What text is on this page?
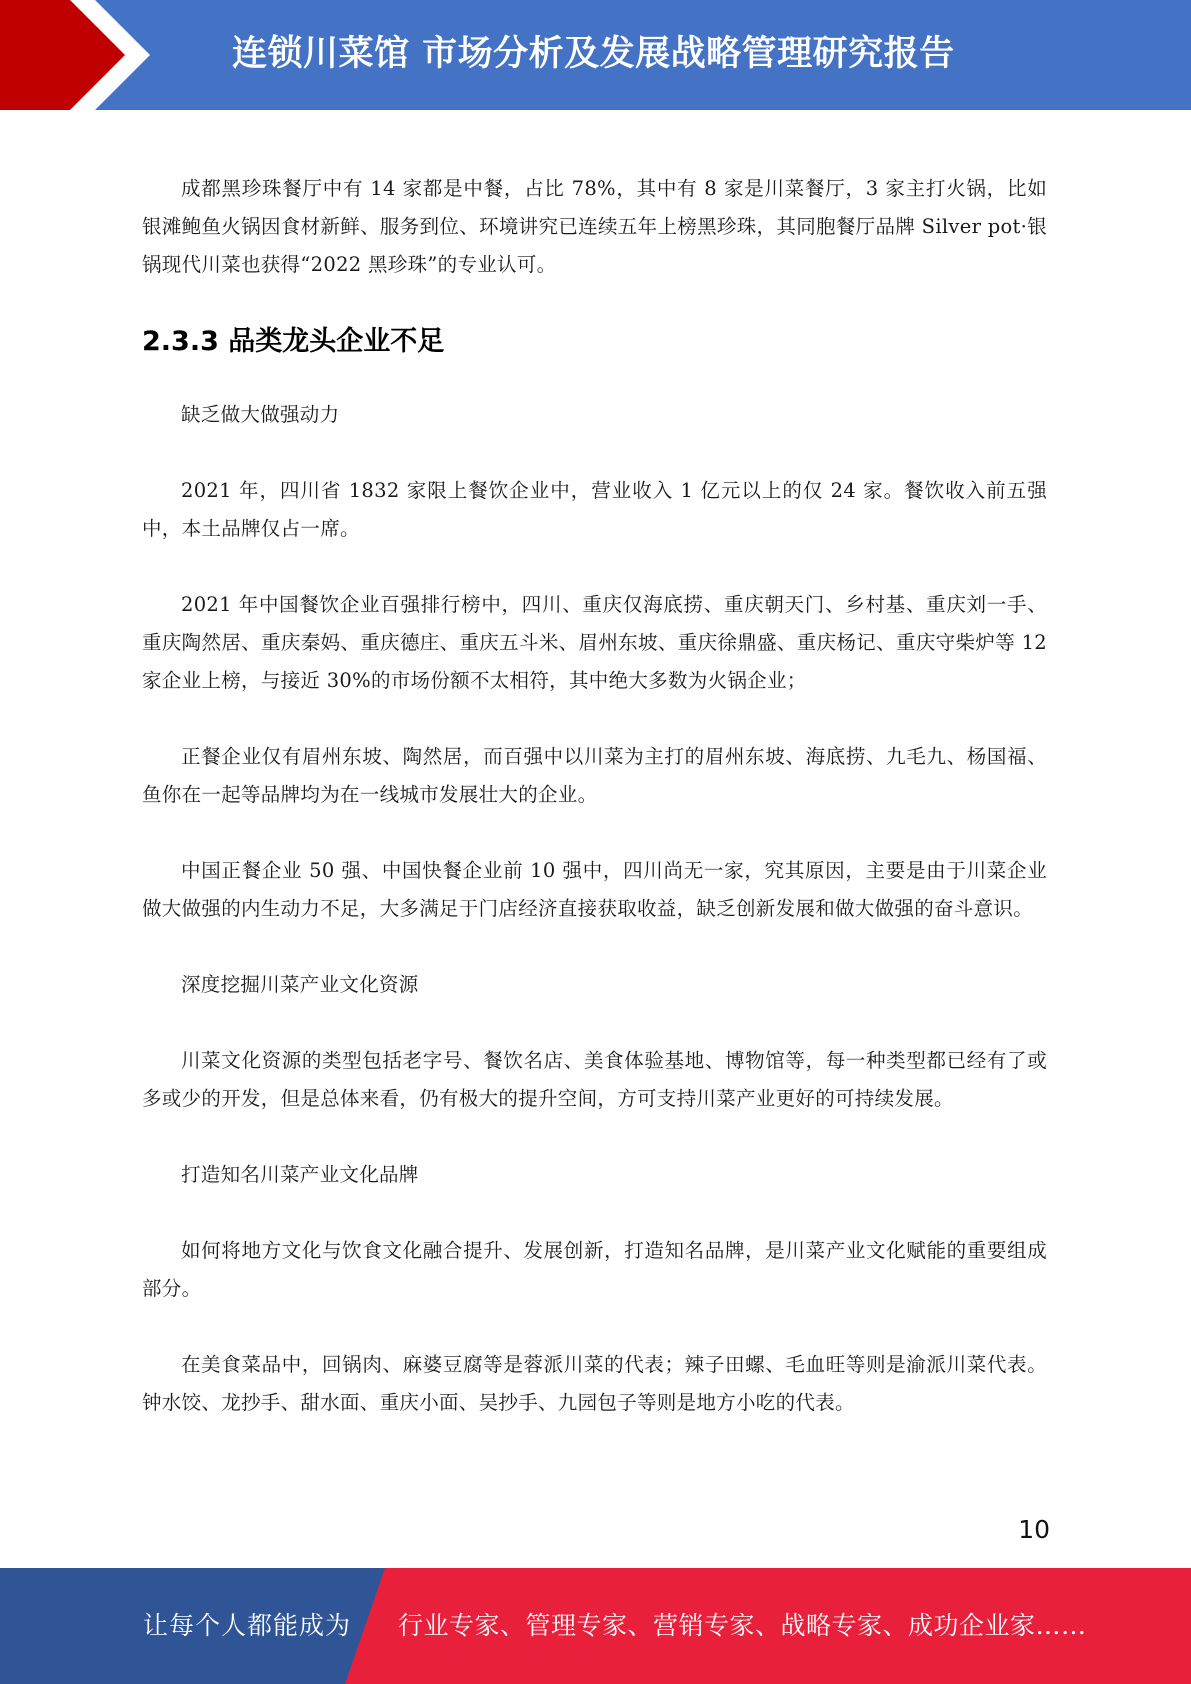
连锁川菜馆 市场分析及发展战略管理研究报告

成都黑珍珠餐厅中有 14 家都是中餐，占比 78%，其中有 8 家是川菜餐厅，3 家主打火锅，比如银滩鲍鱼火锅因食材新鲜、服务到位、环境讲究已连续五年上榜黑珍珠，其同胞餐厅品牌 Silver pot·银锅现代川菜也获得“2022 黑珍珠”的专业认可。

2.3.3 品类龙头企业不足

缺乏做大做强动力

2021 年，四川省 1832 家限上餐饮企业中，营业收入 1 亿元以上的仅 24 家。餐饮收入前五强中，本土品牌仅占一席。

2021 年中国餐饮企业百强排行榜中，四川、重庆仅海底捞、重庆朝天门、乡村基、重庆刘一手、重庆陶然居、重庆秦妈、重庆德庄、重庆五斗米、眉州东坡、重庆徐鼎盛、重庆杨记、重庆守柴炉等 12 家企业上榜，与接近 30%的市场份额不太相符，其中绝大多数为火锅企业；

正餐企业仅有眉州东坡、陶然居，而百强中以川菜为主打的眉州东坡、海底捞、九毛九、杨国福、鱼你在一起等品牌均为在一线城市发展壮大的企业。

中国正餐企业 50 强、中国快餐企业前 10 强中，四川尚无一家，究其原因，主要是由于川菜企业做大做强的内生动力不足，大多满足于门店经济直接获取收益，缺乏创新发展和做大做强的奋斗意识。

深度挖掘川菜产业文化资源

川菜文化资源的类型包括老字号、餐饮名店、美食体验基地、博物馆等，每一种类型都已经有了或多或少的开发，但是总体来看，仍有极大的提升空间，方可支持川菜产业更好的可持续发展。

打造知名川菜产业文化品牌

如何将地方文化与饮食文化融合提升、发展创新，打造知名品牌，是川菜产业文化赋能的重要组成部分。

在美食菜品中，回锅肉、麻婆豆腐等是蓉派川菜的代表；辣子田螺、毛血旺等则是渝派川菜代表。钟水饺、龙抄手、甜水面、重庆小面、吴抄手、九园包子等则是地方小吃的代表。

10
让每个人都能成为 行业专家、管理专家、营销专家、战略专家、成功企业家……
